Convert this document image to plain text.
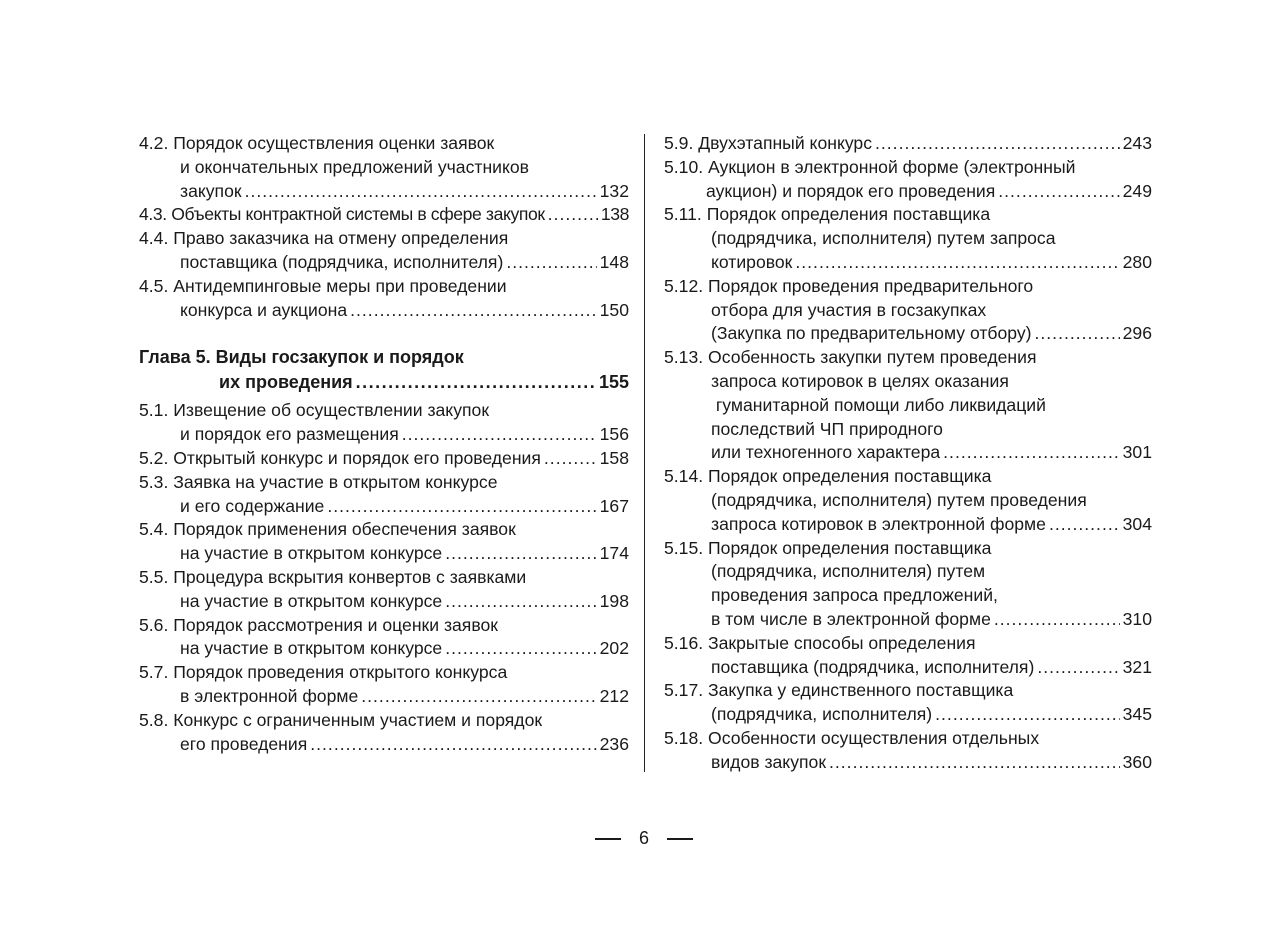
4.2. Порядок осуществления оценки заявок
и окончательных предложений участников
закупок .....	132
4.3. Объекты контрактной системы в сфере закупок .....	138
4.4. Право заказчика на отмену определения
поставщика (подрядчика, исполнителя) .....	148
4.5. Антидемпинговые меры при проведении
конкурса и аукциона .....	150
Глава 5. Виды госзакупок и порядок
их проведения .....	155
5.1. Извещение об осуществлении закупок
и порядок его размещения .....	156
5.2. Открытый конкурс и порядок его проведения .....	158
5.3. Заявка на участие в открытом конкурсе
и его содержание .....	167
5.4. Порядок применения обеспечения заявок
на участие в открытом конкурсе .....	174
5.5. Процедура вскрытия конвертов с заявками
на участие в открытом конкурсе .....	198
5.6. Порядок рассмотрения и оценки заявок
на участие в открытом конкурсе .....	202
5.7. Порядок проведения открытого конкурса
в электронной форме .....	212
5.8. Конкурс с ограниченным участием и порядок
его проведения .....	236
5.9. Двухэтапный конкурс .....	243
5.10. Аукцион в электронной форме (электронный
аукцион) и порядок его проведения .....	249
5.11. Порядок определения поставщика
(подрядчика, исполнителя) путем запроса
котировок .....	280
5.12. Порядок проведения предварительного
отбора для участия в госзакупках
(Закупка по предварительному отбору) .....	296
5.13. Особенность закупки путем проведения
запроса котировок в целях оказания
гуманитарной помощи либо ликвидаций
последствий ЧП природного
или техногенного характера .....	301
5.14. Порядок определения поставщика
(подрядчика, исполнителя) путем проведения
запроса котировок в электронной форме .....	304
5.15. Порядок определения поставщика
(подрядчика, исполнителя) путем
проведения запроса предложений,
в том числе в электронной форме .....	310
5.16. Закрытые способы определения
поставщика (подрядчика, исполнителя) .....	321
5.17. Закупка у единственного поставщика
(подрядчика, исполнителя) .....	345
5.18. Особенности осуществления отдельных
видов закупок .....	360
6
